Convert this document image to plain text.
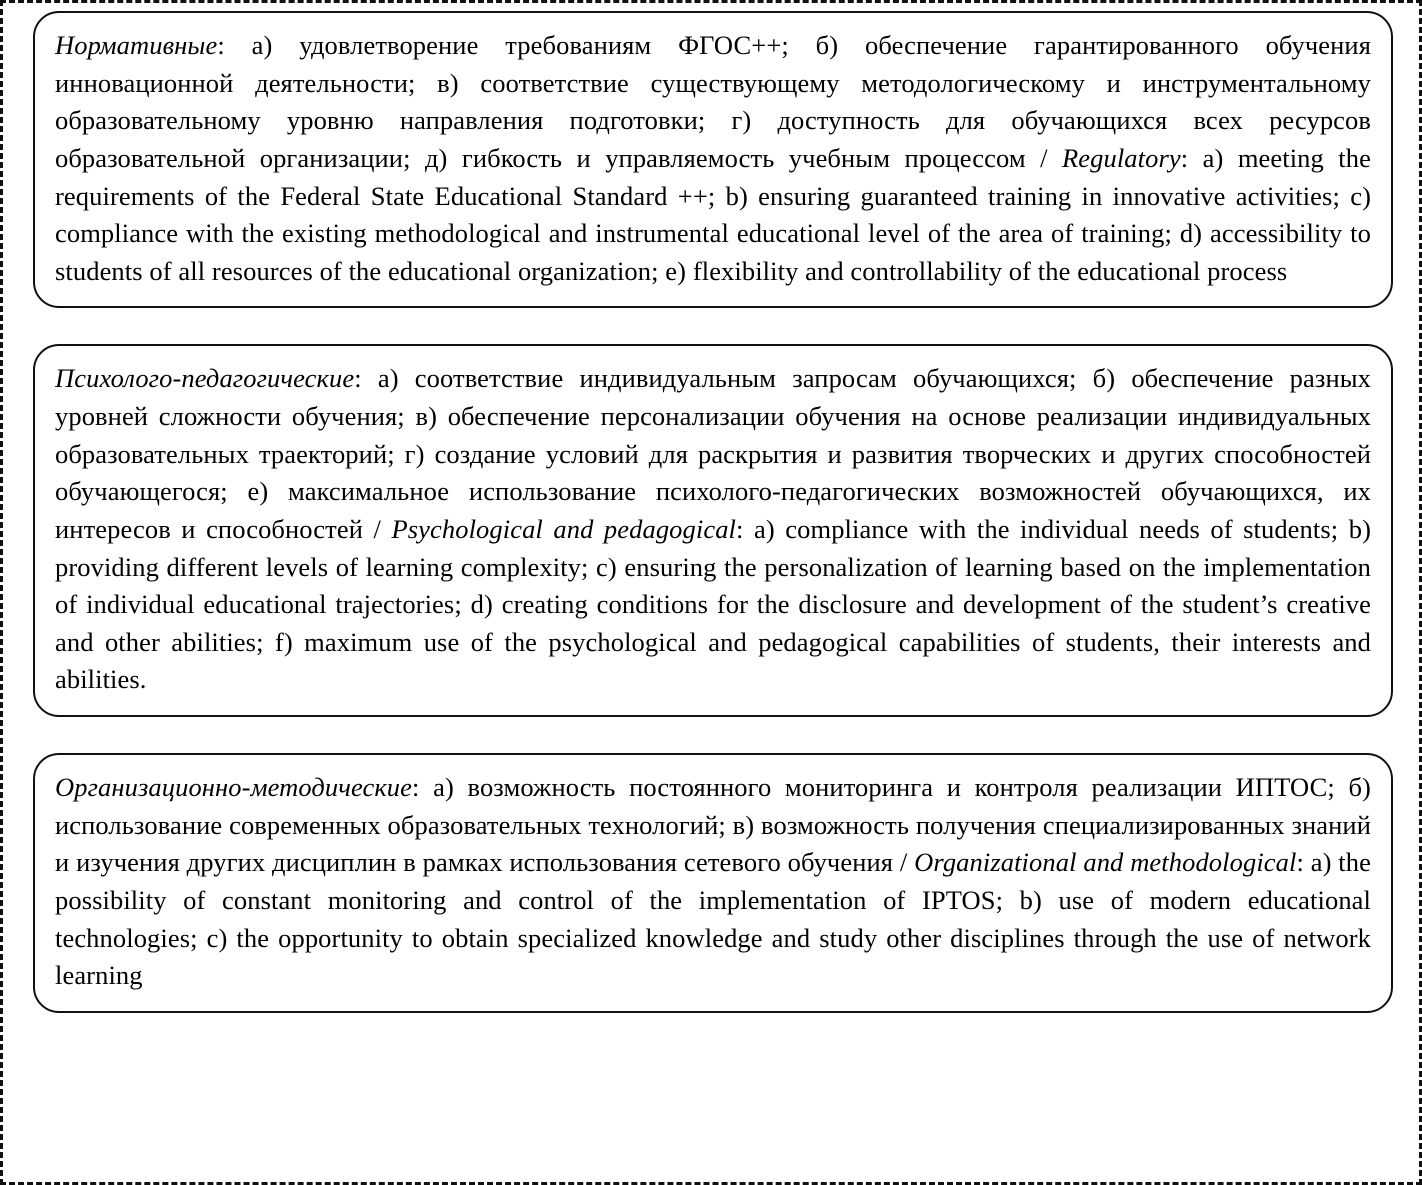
Нормативные: а) удовлетворение требованиям ФГОС++; б) обеспечение гарантированного обучения инновационной деятельности; в) соответствие существующему методологическому и инструментальному образовательному уровню направления подготовки; г) доступность для обучающихся всех ресурсов образовательной организации; д) гибкость и управляемость учебным процессом / Regulatory: a) meeting the requirements of the Federal State Educational Standard ++; b) ensuring guaranteed training in innovative activities; c) compliance with the existing methodological and instrumental educational level of the area of training; d) accessibility to students of all resources of the educational organization; e) flexibility and controllability of the educational process

Психолого-педагогические: а) соответствие индивидуальным запросам обучающихся; б) обеспечение разных уровней сложности обучения; в) обеспечение персонализации обучения на основе реализации индивидуальных образовательных траекторий; г) создание условий для раскрытия и развития творческих и других способностей обучающегося; е) максимальное использование психолого-педагогических возможностей обучающихся, их интересов и способностей / Psychological and pedagogical: a) compliance with the individual needs of students; b) providing different levels of learning complexity; c) ensuring the personalization of learning based on the implementation of individual educational trajectories; d) creating conditions for the disclosure and development of the student’s creative and other abilities; f) maximum use of the psychological and pedagogical capabilities of students, their interests and abilities.

Организационно-методические: а) возможность постоянного мониторинга и контроля реализации ИПТОС; б) использование современных образовательных технологий; в) возможность получения специализированных знаний и изучения других дисциплин в рамках использования сетевого обучения / Organizational and methodological: a) the possibility of constant monitoring and control of the implementation of IPTOS; b) use of modern educational technologies; c) the opportunity to obtain specialized knowledge and study other disciplines through the use of network learning
